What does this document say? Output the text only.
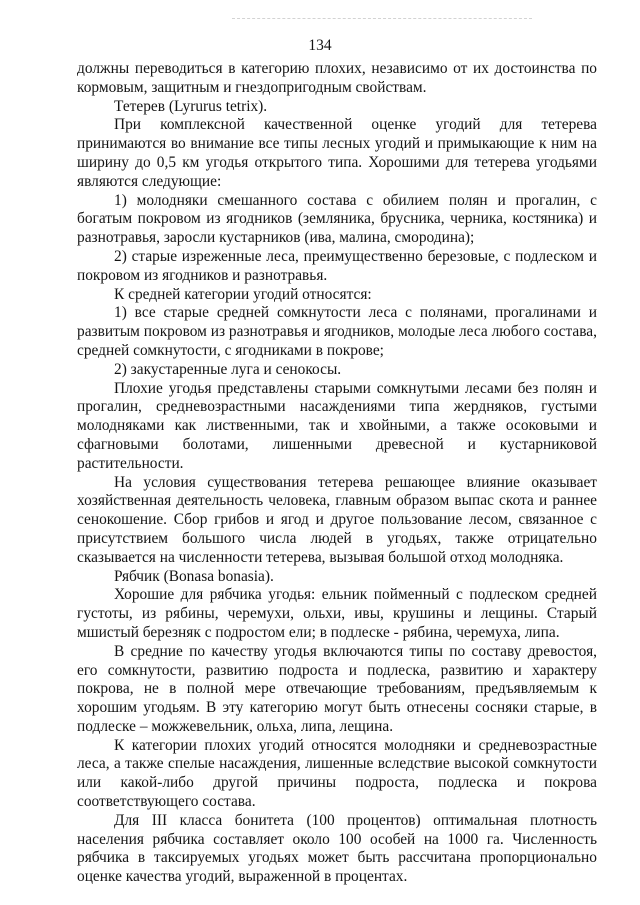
134

должны переводиться в категорию плохих, независимо от их достоинства по кормовым, защитным и гнездопригодным свойствам.

Тетерев (Lyrurus tetrix).

При комплексной качественной оценке угодий для тетерева принимаются во внимание все типы лесных угодий и примыкающие к ним на ширину до 0,5 км угодья открытого типа. Хорошими для тетерева угодьями являются следующие:

1) молодняки смешанного состава с обилием полян и прогалин, с богатым покровом из ягодников (земляника, брусника, черника, костяника) и разнотравья, заросли кустарников (ива, малина, смородина);

2) старые изреженные леса, преимущественно березовые, с подлеском и покровом из ягодников и разнотравья.

К средней категории угодий относятся:

1) все старые средней сомкнутости леса с полянами, прогалинами и развитым покровом из разнотравья и ягодников, молодые леса любого состава, средней сомкнутости, с ягодниками в покрове;

2) закустаренные луга и сенокосы.

Плохие угодья представлены старыми сомкнутыми лесами без полян и прогалин, средневозрастными насаждениями типа жердняков, густыми молодняками как лиственными, так и хвойными, а также осоковыми и сфагновыми болотами, лишенными древесной и кустарниковой растительности.

На условия существования тетерева решающее влияние оказывает хозяйственная деятельность человека, главным образом выпас скота и раннее сенокошение. Сбор грибов и ягод и другое пользование лесом, связанное с присутствием большого числа людей в угодьях, также отрицательно сказывается на численности тетерева, вызывая большой отход молодняка.

Рябчик (Bonasa bonasia).

Хорошие для рябчика угодья: ельник пойменный с подлеском средней густоты, из рябины, черемухи, ольхи, ивы, крушины и лещины. Старый мшистый березняк с подростом ели; в подлеске - рябина, черемуха, липа.

В средние по качеству угодья включаются типы по составу древостоя, его сомкнутости, развитию подроста и подлеска, развитию и характеру покрова, не в полной мере отвечающие требованиям, предъявляемым к хорошим угодьям. В эту категорию могут быть отнесены сосняки старые, в подлеске – можжевельник, ольха, липа, лещина.

К категории плохих угодий относятся молодняки и средневозрастные леса, а также спелые насаждения, лишенные вследствие высокой сомкнутости или какой-либо другой причины подроста, подлеска и покрова соответствующего состава.

Для III класса бонитета (100 процентов) оптимальная плотность населения рябчика составляет около 100 особей на 1000 га. Численность рябчика в таксируемых угодьях может быть рассчитана пропорционально оценке качества угодий, выраженной в процентах.
